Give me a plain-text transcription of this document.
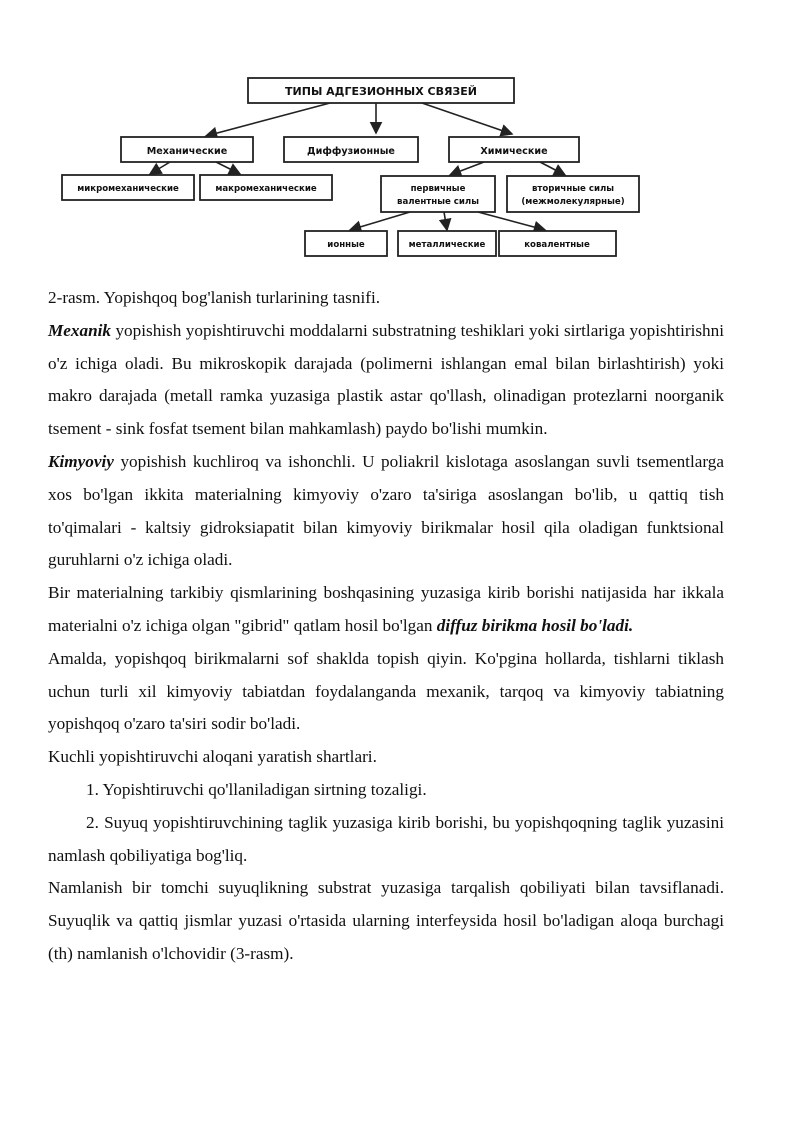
ТИПЫ АДГЕЗИОННЫХ СВЯЗЕЙ
Механические	Диффузионные	Химические
микромеханические	макромеханические	первичные
валентные силы
вторичные силы
(межмолекулярные)
ионные	металлические	ковалентные

2-rasm. Yopishqoq bog'lanish turlarining tasnifi.

Mexanik yopishish yopishtiruvchi moddalarni substratning teshiklari yoki sirtlariga yopishtirishni o'z ichiga oladi. Bu mikroskopik darajada (polimerni ishlangan emal bilan birlashtirish) yoki makro darajada (metall ramka yuzasiga plastik astar qo'llash, olinadigan protezlarni noorganik tsement - sink fosfat tsement bilan mahkamlash) paydo bo'lishi mumkin.

Kimyoviy yopishish kuchliroq va ishonchli. U poliakril kislotaga asoslangan suvli tsementlarga xos bo'lgan ikkita materialning kimyoviy o'zaro ta'siriga asoslangan bo'lib, u qattiq tish to'qimalari - kaltsiy gidroksiapatit bilan kimyoviy birikmalar hosil qila oladigan funktsional guruhlarni o'z ichiga oladi.

Bir materialning tarkibiy qismlarining boshqasining yuzasiga kirib borishi natijasida har ikkala materialni o'z ichiga olgan "gibrid" qatlam hosil bo'lgan diffuz birikma hosil bo'ladi.

Amalda, yopishqoq birikmalarni sof shaklda topish qiyin. Ko'pgina hollarda, tishlarni tiklash uchun turli xil kimyoviy tabiatdan foydalanganda mexanik, tarqoq va kimyoviy tabiatning yopishqoq o'zaro ta'siri sodir bo'ladi.

Kuchli yopishtiruvchi aloqani yaratish shartlari.

1. Yopishtiruvchi qo'llaniladigan sirtning tozaligi.

2. Suyuq yopishtiruvchining taglik yuzasiga kirib borishi, bu yopishqoqning taglik yuzasini namlash qobiliyatiga bog'liq.

Namlanish bir tomchi suyuqlikning substrat yuzasiga tarqalish qobiliyati bilan tavsiflanadi. Suyuqlik va qattiq jismlar yuzasi o'rtasida ularning interfeysida hosil bo'ladigan aloqa burchagi (th) namlanish o'lchovidir (3-rasm).
